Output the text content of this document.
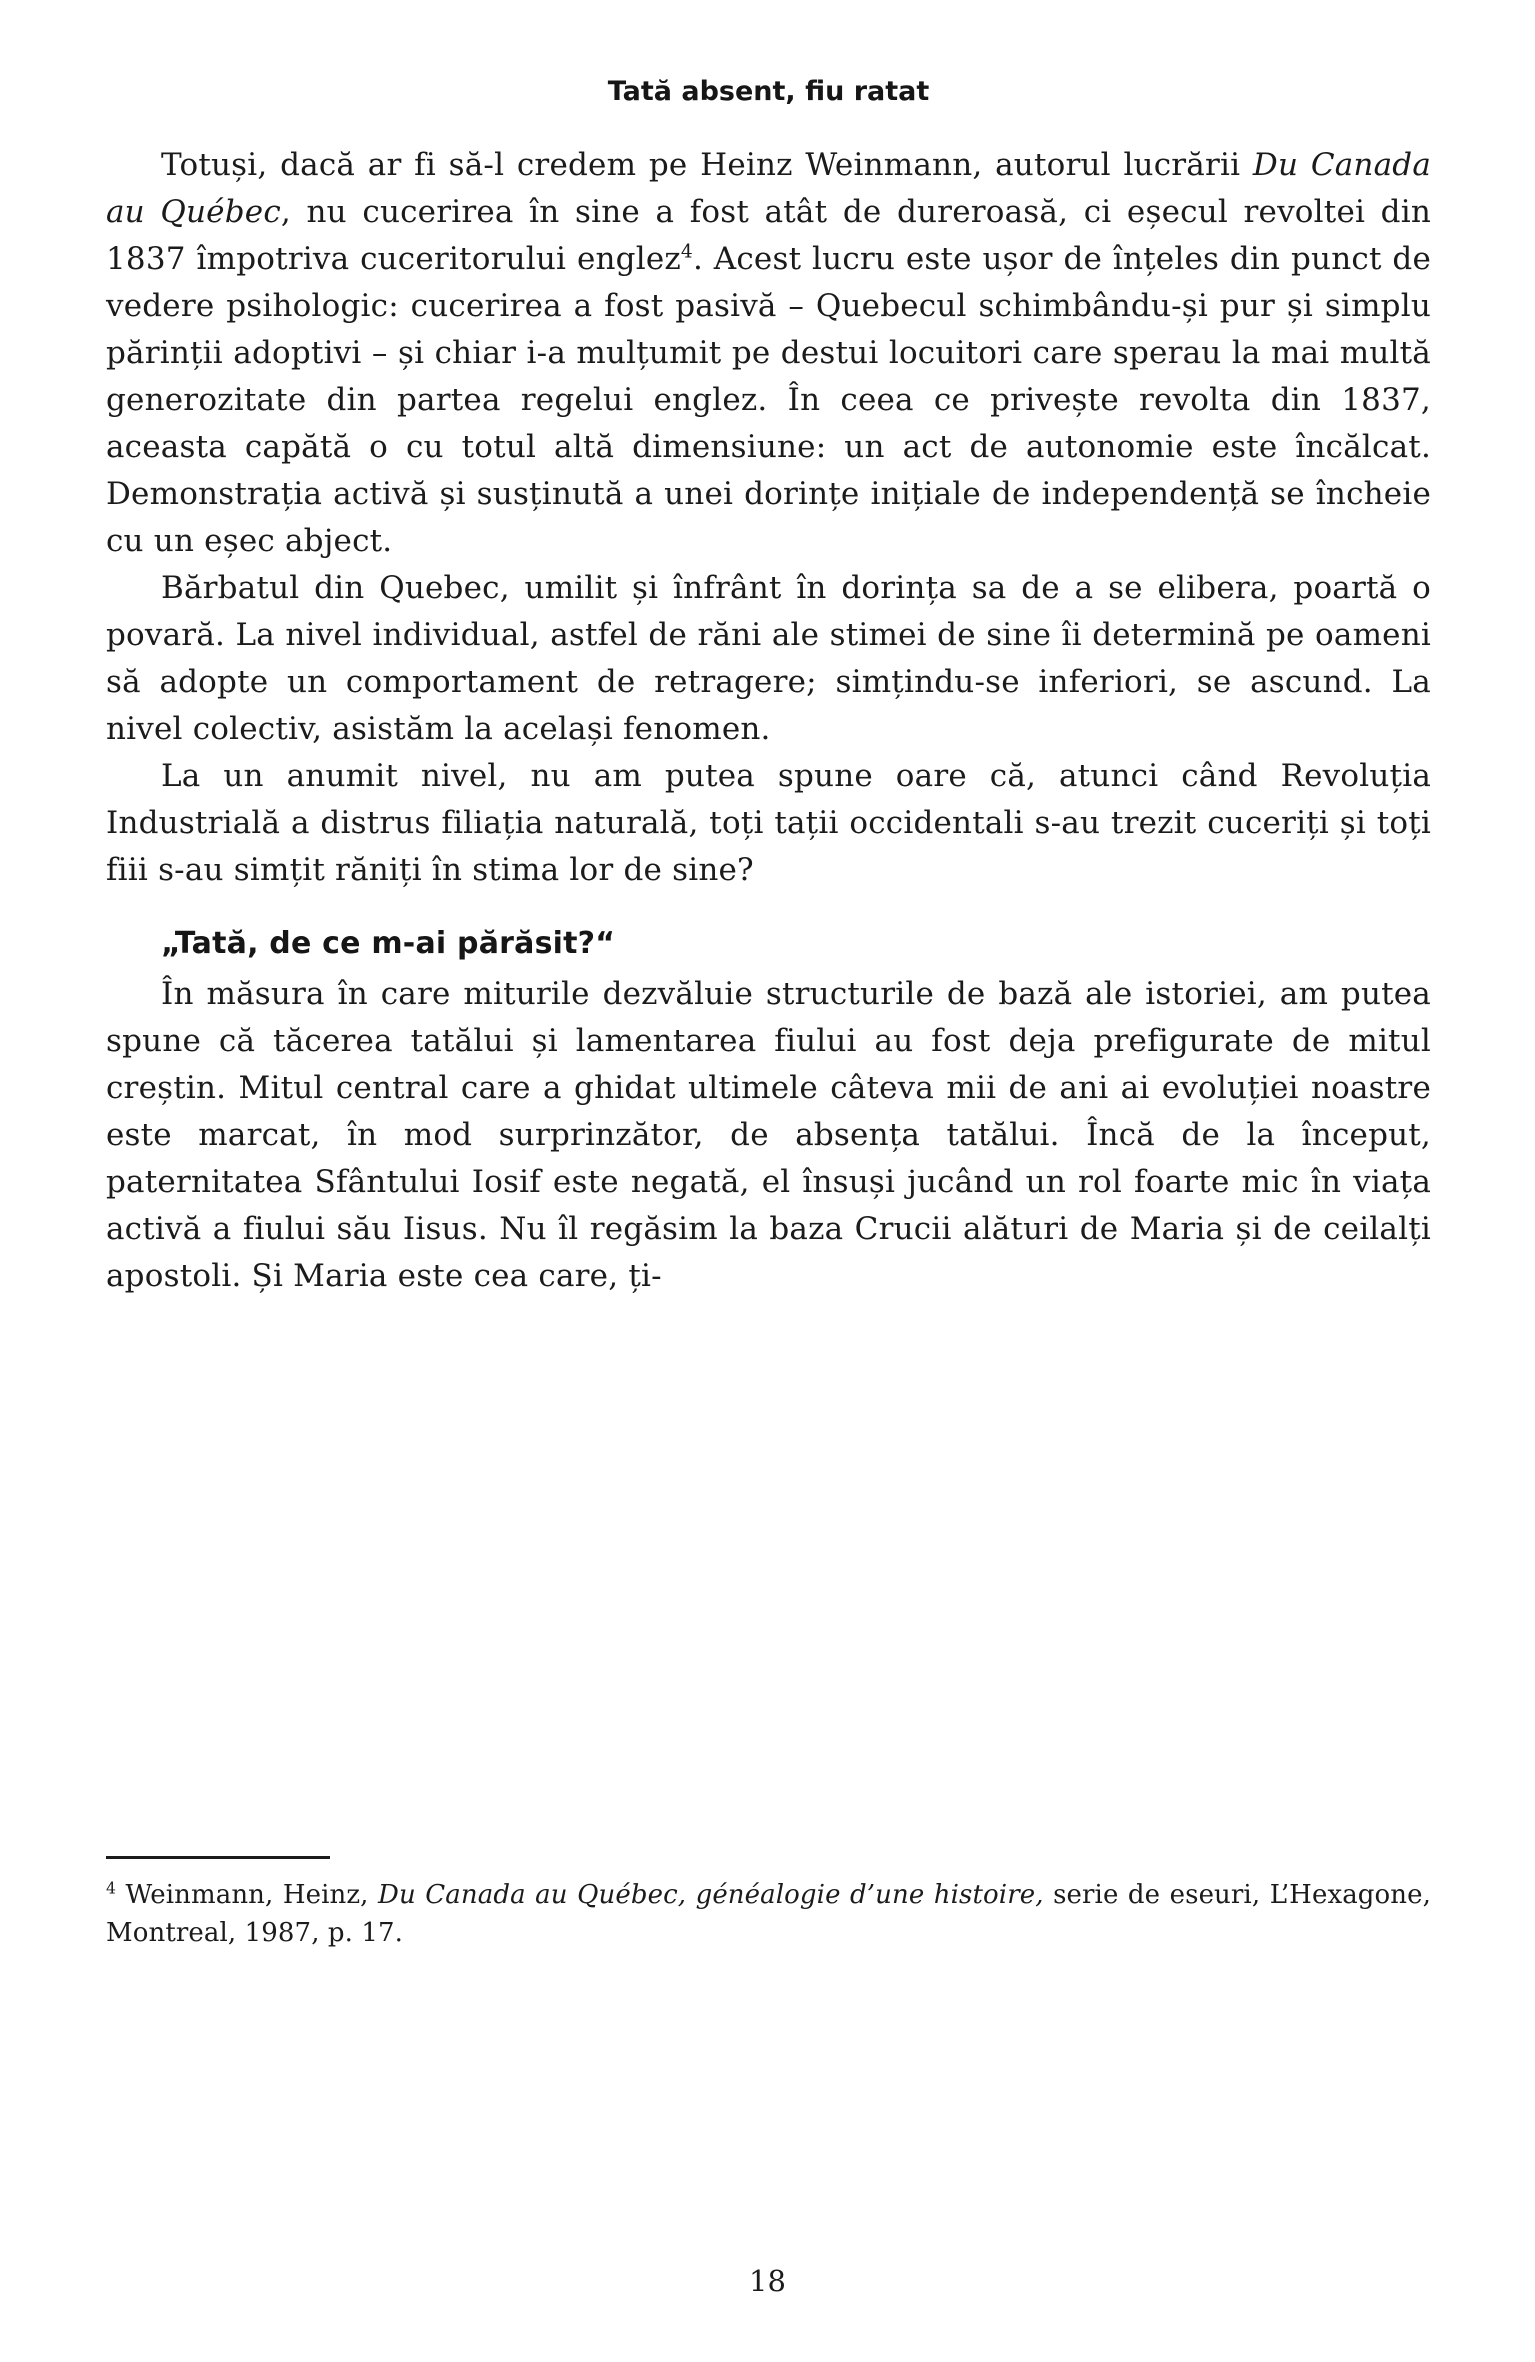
Tată absent, fiu ratat

Totuși, dacă ar fi să-l credem pe Heinz Weinmann, autorul lucrării Du Canada au Québec, nu cucerirea în sine a fost atât de dureroasă, ci eșecul revoltei din 1837 împotriva cuceritorului englez$^4$. Acest lucru este ușor de înțeles din punct de vedere psihologic: cucerirea a fost pasivă – Quebecul schimbându-și pur și simplu părinții adoptivi – și chiar i-a mulțumit pe destui locuitori care sperau la mai multă generozitate din partea regelui englez. În ceea ce privește revolta din 1837, aceasta capătă o cu totul altă dimensiune: un act de autonomie este încălcat. Demonstrația activă și susținută a unei dorințe inițiale de independență se încheie cu un eșec abject.

Bărbatul din Quebec, umilit și înfrânt în dorința sa de a se elibera, poartă o povară. La nivel individual, astfel de răni ale stimei de sine îi determină pe oameni să adopte un comportament de retragere; simțindu-se inferiori, se ascund. La nivel colectiv, asistăm la același fenomen.

La un anumit nivel, nu am putea spune oare că, atunci când Revoluția Industrială a distrus filiația naturală, toți tații occidentali s-au trezit cuceriți și toți fiii s-au simțit răniți în stima lor de sine?

„Tată, de ce m-ai părăsit?“

În măsura în care miturile dezvăluie structurile de bază ale istoriei, am putea spune că tăcerea tatălui și lamentarea fiului au fost deja prefigurate de mitul creștin. Mitul central care a ghidat ultimele câteva mii de ani ai evoluției noastre este marcat, în mod surprinzător, de absența tatălui. Încă de la început, paternitatea Sfântului Iosif este negată, el însuși jucând un rol foarte mic în viața activă a fiului său Iisus. Nu îl regăsim la baza Crucii alături de Maria și de ceilalți apostoli. Și Maria este cea care, ți-

$^4$ Weinmann, Heinz, Du Canada au Québec, généalogie d’une histoire, serie de eseuri, L’Hexagone, Montreal, 1987, p. 17.

18
